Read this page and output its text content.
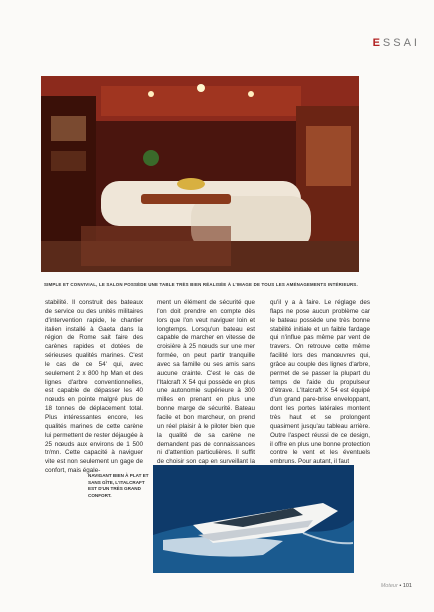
ESSAI
SIMPLE ET CONVIVIAL, LE SALON POSSÈDE UNE TABLE TRÈS BIEN RÉALISÉE À L'IMAGE DE TOUS LES AMÉNAGEMENTS INTÉRIEURS.

stabilité. Il construit des bateaux de service ou des unités militaires d'intervention rapide, le chantier italien installé à Gaeta dans la région de Rome sait faire des carènes rapides et dotées de sérieuses qualités marines. C'est le cas de ce 54' qui, avec seulement 2 x 800 hp Man et des lignes d'arbre conventionnelles, est capable de dépasser les 40 nœuds en pointe malgré plus de 18 tonnes de déplacement total. Plus intéressantes encore, les qualités marines de cette carène lui permettent de rester déjaugée à 25 nœuds aux environs de 1 500 tr/mn. Cette capacité à naviguer vite est non seulement un gage de confort, mais égale-

ment un élément de sécurité que l'on doit prendre en compte dès lors que l'on veut naviguer loin et longtemps. Lorsqu'un bateau est capable de marcher en vitesse de croisière à 25 nœuds sur une mer formée, on peut partir tranquille avec sa famille ou ses amis sans aucune crainte. C'est le cas de l'Italcraft X 54 qui possède en plus une autonomie supérieure à 300 milles en prenant en plus une bonne marge de sécurité. Bateau facile et bon marcheur, on prend un réel plaisir à le piloter bien que la qualité de sa carène ne demandent pas de connaissances ni d'attention particulières. Il suffit de choisir son cap en surveillant la

qu'il y a à faire. Le réglage des flaps ne pose aucun problème car le bateau possède une très bonne stabilité initiale et un faible fardage qui n'influe pas même par vent de travers. On retrouve cette même facilité lors des manœuvres qui, grâce au couple des lignes d'arbre, permet de se passer la plupart du temps de l'aide du propulseur d'étrave. L'Italcraft X 54 est équipé d'un grand pare-brise enveloppant, dont les portes latérales montent très haut et se prolongent quasiment jusqu'au tableau arrière. Outre l'aspect réussi de ce design, il offre en plus une bonne protection contre le vent et les éventuels embruns. Pour autant, il faut

NAVIGANT BIEN À PLAT ET SANS GÎTE, L'ITALCRAFT EST D'UN TRÈS GRAND CONFORT.
Moteur • 101
